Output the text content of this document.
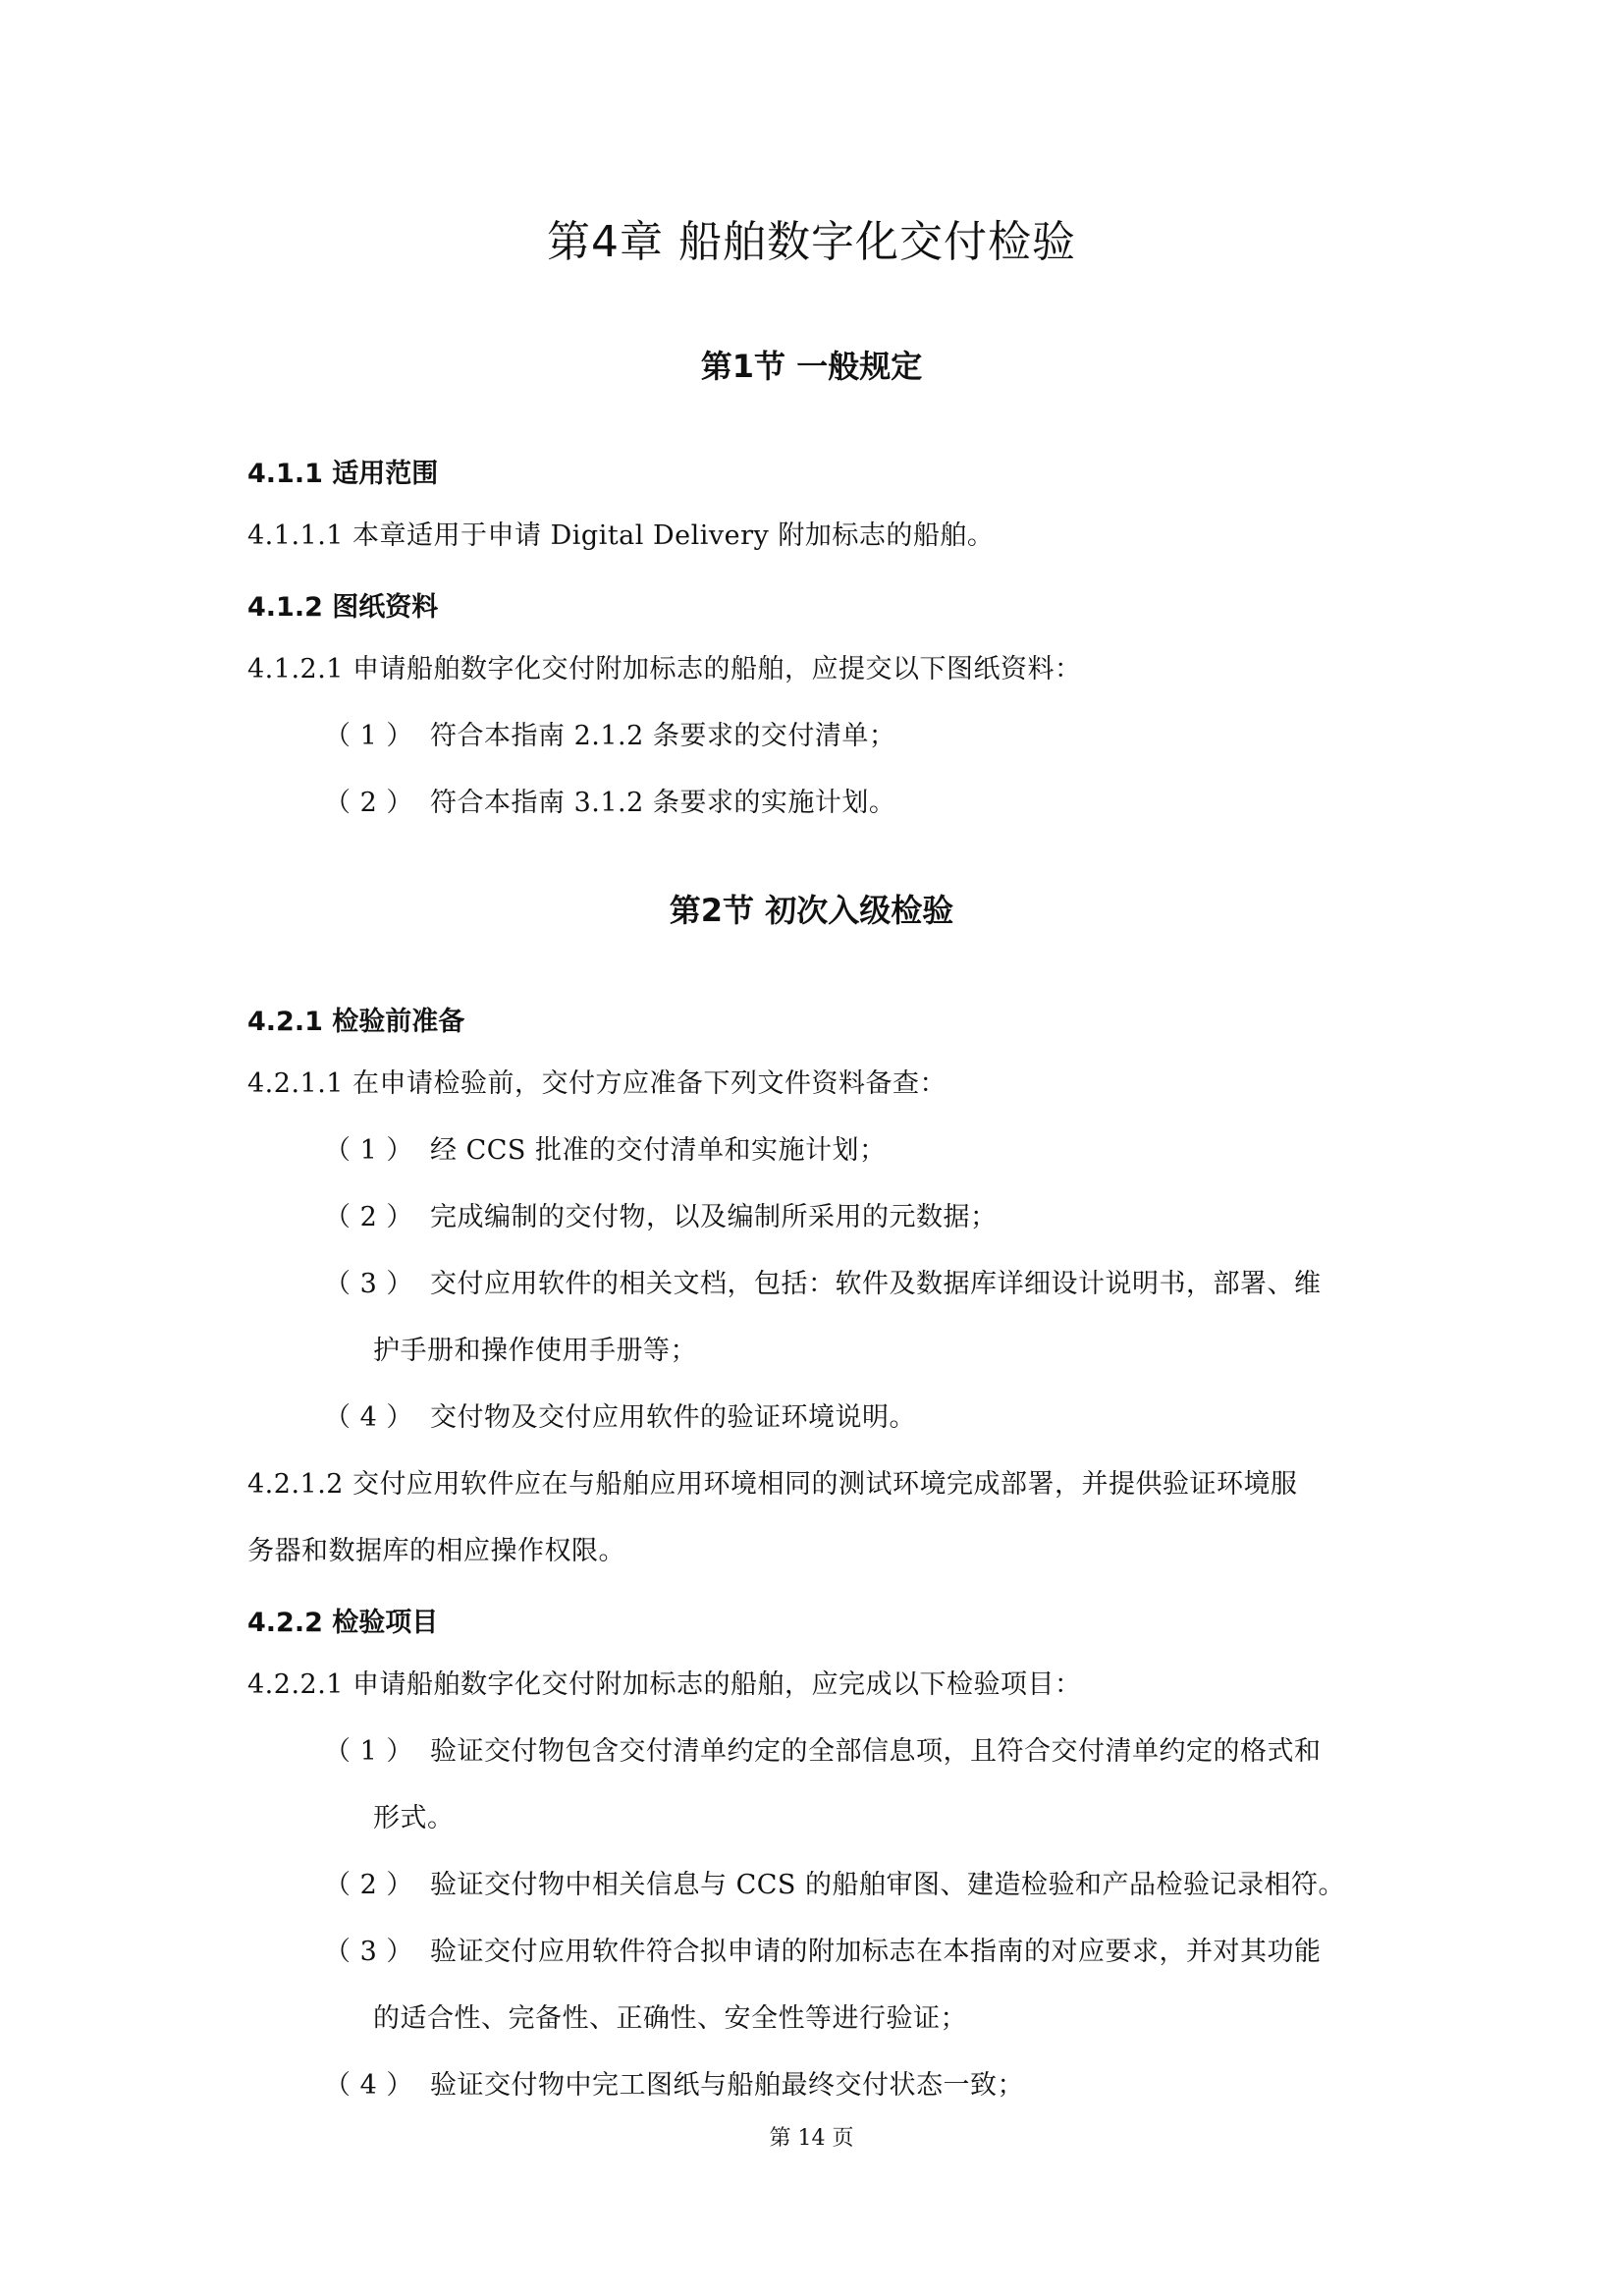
第4章 船舶数字化交付检验
第1节 一般规定
4.1.1 适用范围
4.1.1.1 本章适用于申请 Digital Delivery 附加标志的船舶。
4.1.2 图纸资料
4.1.2.1 申请船舶数字化交付附加标志的船舶，应提交以下图纸资料：
（ 1 ） 符合本指南 2.1.2 条要求的交付清单；
（ 2 ） 符合本指南 3.1.2 条要求的实施计划。
第2节 初次入级检验
4.2.1 检验前准备
4.2.1.1 在申请检验前，交付方应准备下列文件资料备查：
（ 1 ） 经 CCS 批准的交付清单和实施计划；
（ 2 ） 完成编制的交付物，以及编制所采用的元数据；
（ 3 ） 交付应用软件的相关文档，包括：软件及数据库详细设计说明书，部署、维
护手册和操作使用手册等；
（ 4 ） 交付物及交付应用软件的验证环境说明。
4.2.1.2 交付应用软件应在与船舶应用环境相同的测试环境完成部署，并提供验证环境服
务器和数据库的相应操作权限。
4.2.2 检验项目
4.2.2.1 申请船舶数字化交付附加标志的船舶，应完成以下检验项目：
（ 1 ） 验证交付物包含交付清单约定的全部信息项，且符合交付清单约定的格式和
形式。
（ 2 ） 验证交付物中相关信息与 CCS 的船舶审图、建造检验和产品检验记录相符。
（ 3 ） 验证交付应用软件符合拟申请的附加标志在本指南的对应要求，并对其功能
的适合性、完备性、正确性、安全性等进行验证；
（ 4 ） 验证交付物中完工图纸与船舶最终交付状态一致；
第 14 页
